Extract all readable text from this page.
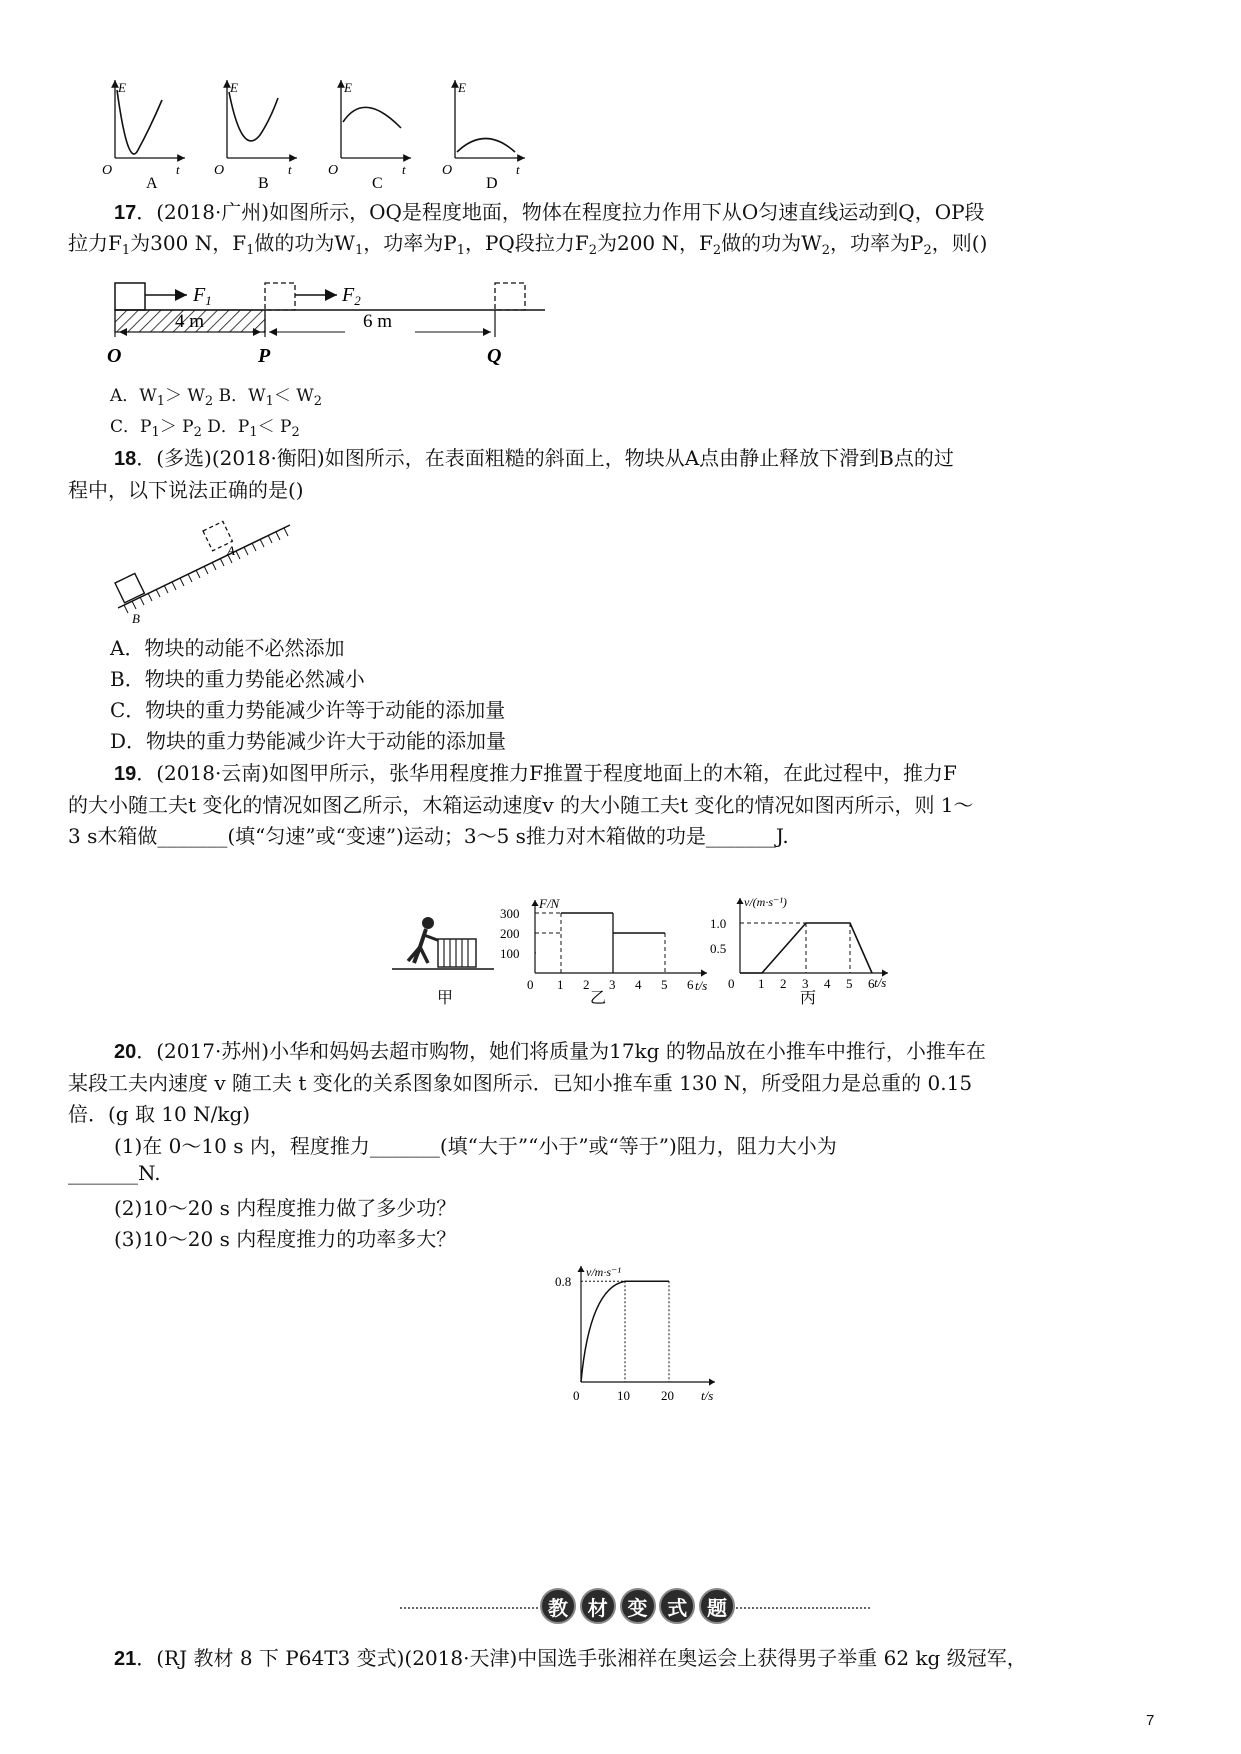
E
t
O
A
E
t
O
B
E
t
O
C
E
t
O
D
17．(2018·广州)如图所示，OQ是程度地面，物体在程度拉力作用下从O匀速直线运动到Q，OP段
拉力$F_1$为300 N，$F_1$做的功为$W_1$，功率为$P_1$，PQ段拉力$F_2$为200 N，$F_2$做的功为$W_2$，功率为$P_2$，则()
$F_1$	$F_2$
4 m	6 m
O	P	Q
A．$W_1> W_2$ B．$W_1< W_2$
C．$P_1> P_2$ D．$P_1< P_2$
18．(多选)(2018·衡阳)如图所示，在表面粗糙的斜面上，物块从A点由静止释放下滑到B点的过
程中，以下说法正确的是()
A
B
A．物块的动能不必然添加
B．物块的重力势能必然减小
C．物块的重力势能减少许等于动能的添加量
D．物块的重力势能减少许大于动能的添加量
19．(2018·云南)如图甲所示，张华用程度推力F推置于程度地面上的木箱，在此过程中，推力F
的大小随工夫t 变化的情况如图乙所示，木箱运动速度v 的大小随工夫t 变化的情况如图丙所示，则 1～
3 s木箱做_______(填“匀速”或“变速”)运动；3～5 s推力对木箱做的功是_______J.
甲
1 2 3 4 5 6
100
200
300
F/N
t/s
0
乙
1 2 3 4 5 6
0.5
1.0
v/(m·s⁻¹)
t/s
0
丙
20．(2017·苏州)小华和妈妈去超市购物，她们将质量为17kg 的物品放在小推车中推行，小推车在
某段工夫内速度 v 随工夫 t 变化的关系图象如图所示．已知小推车重 130 N，所受阻力是总重的 0.15
倍．(g 取 10 N/kg)
(1)在 0～10 s 内，程度推力_______(填“大于”“小于”或“等于”)阻力，阻力大小为
_______N.
(2)10～20 s 内程度推力做了多少功？
(3)10～20 s 内程度推力的功率多大？
10 20
0.8
v/m·s⁻¹
t/s
0
教 材 变 式 题
21．(RJ 教材 8 下 P64T3 变式)(2018·天津)中国选手张湘祥在奥运会上获得男子举重 62 kg 级冠军，
7
